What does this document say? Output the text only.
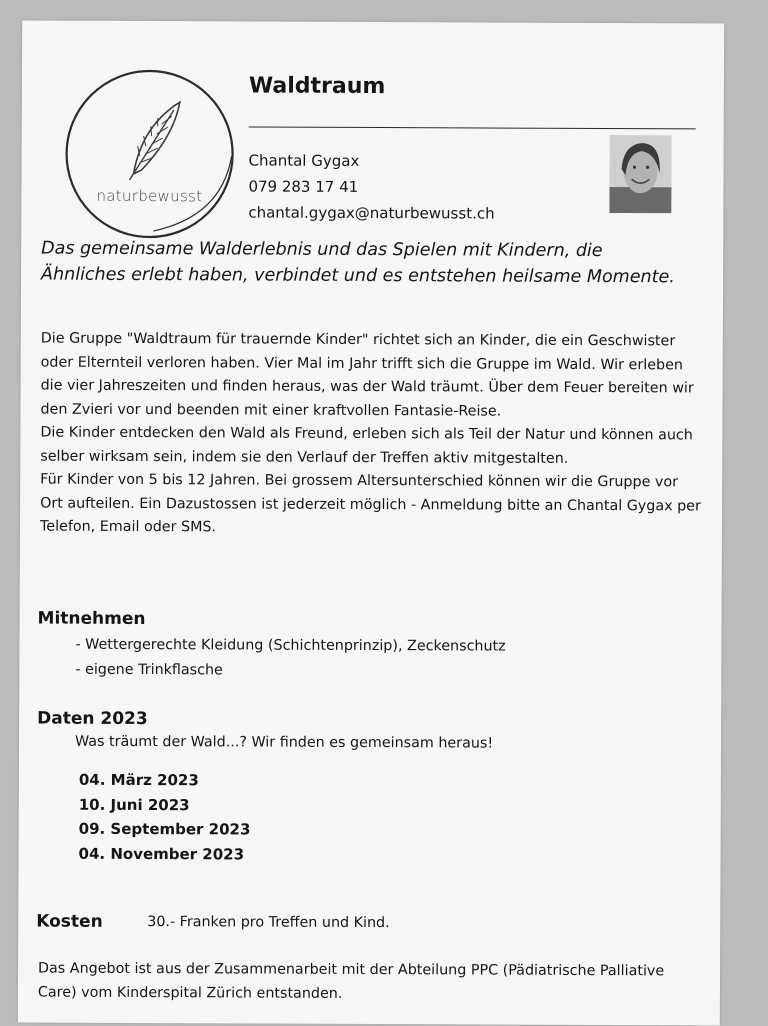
naturbewusst
Waldtraum
Chantal Gygax
079 283 17 41
chantal.gygax@naturbewusst.ch

Das gemeinsame Walderlebnis und das Spielen mit Kindern, die Ähnliches erlebt haben, verbindet und es entstehen heilsame Momente.

Die Gruppe "Waldtraum für trauernde Kinder" richtet sich an Kinder, die ein Geschwister oder Elternteil verloren haben. Vier Mal im Jahr trifft sich die Gruppe im Wald. Wir erleben die vier Jahreszeiten und finden heraus, was der Wald träumt. Über dem Feuer bereiten wir den Zvieri vor und beenden mit einer kraftvollen Fantasie-Reise.

Die Kinder entdecken den Wald als Freund, erleben sich als Teil der Natur und können auch selber wirksam sein, indem sie den Verlauf der Treffen aktiv mitgestalten.

Für Kinder von 5 bis 12 Jahren. Bei grossem Altersunterschied können wir die Gruppe vor Ort aufteilen. Ein Dazustossen ist jederzeit möglich - Anmeldung bitte an Chantal Gygax per Telefon, Email oder SMS.

Mitnehmen
- Wettergerechte Kleidung (Schichtenprinzip), Zeckenschutz
- eigene Trinkflasche
Daten 2023
Was träumt der Wald...? Wir finden es gemeinsam heraus!
04. März 2023
10. Juni 2023
09. September 2023
04. November 2023
Kosten	30.- Franken pro Treffen und Kind.
Das Angebot ist aus der Zusammenarbeit mit der Abteilung PPC (Pädiatrische Palliative Care) vom Kinderspital Zürich entstanden.
